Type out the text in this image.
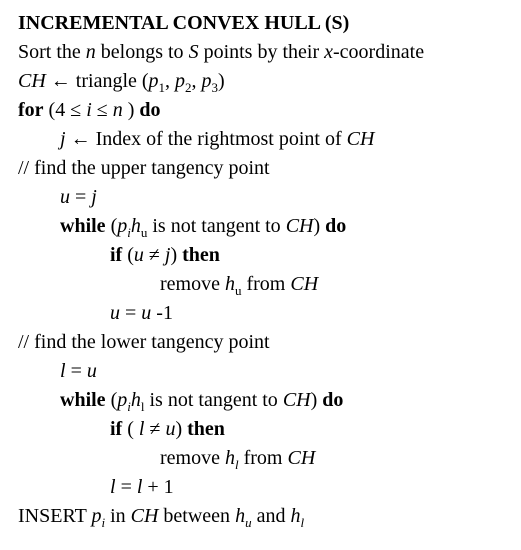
INCREMENTAL CONVEX HULL (S)
Sort the n belongs to S points by their x-coordinate
CH ← triangle ($p_1$, $p_2$, $p_3$)
for (4 ≤ i ≤ n ) do
j ← Index of the rightmost point of CH
// find the upper tangency point
u = j
while ($p_ih_u$ is not tangent to CH) do
if (u ≠ j) then
remove $h_u$ from CH
u = u -1
// find the lower tangency point
l = u
while ($p_ih_l$ is not tangent to CH) do
if ( l ≠ u) then
remove $h_l$ from CH
l = l + 1
INSERT $p_i$ in CH between $h_u$ and $h_l$
